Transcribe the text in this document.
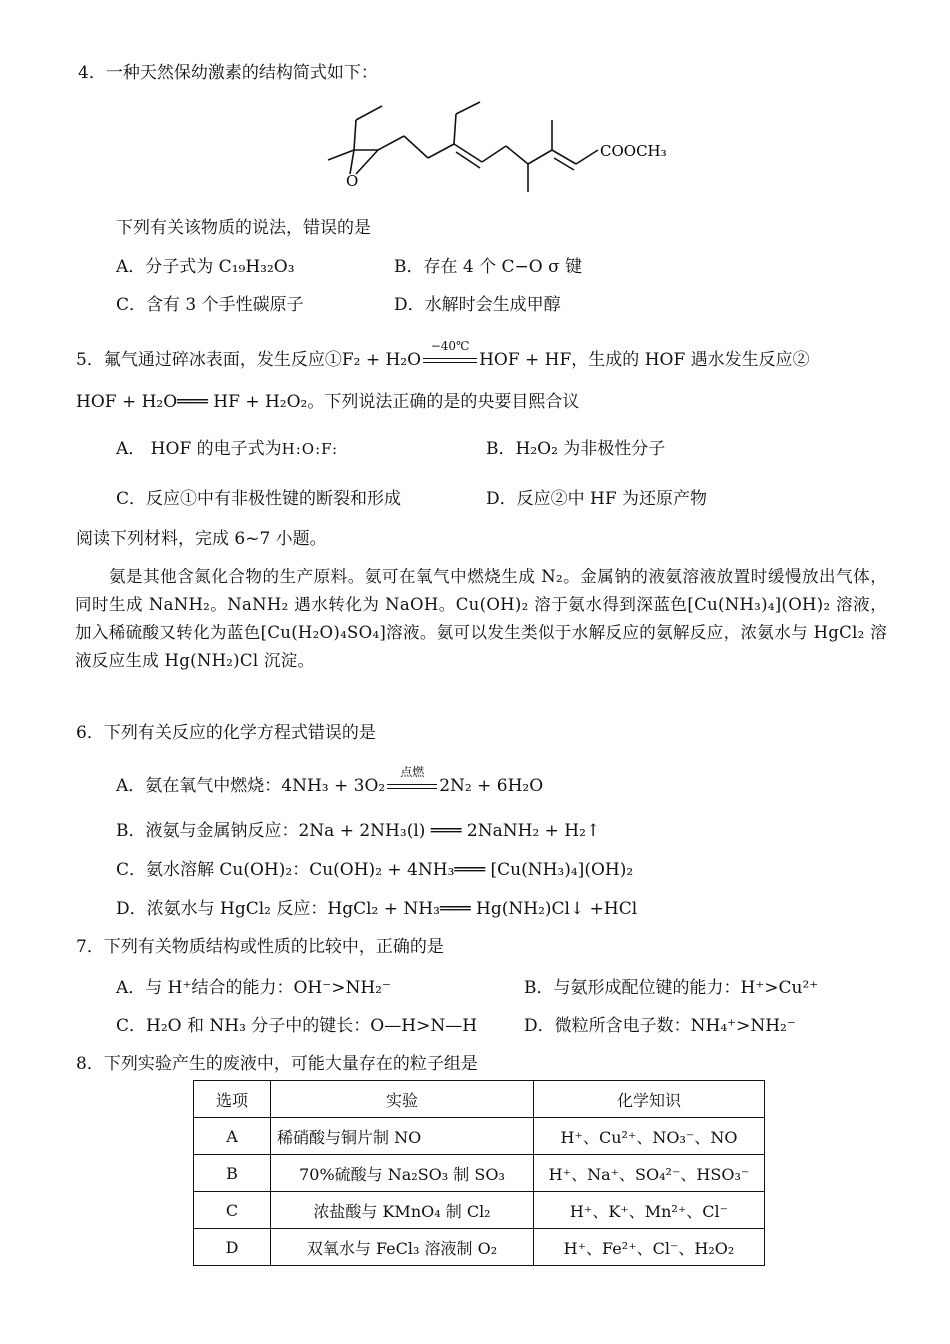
4．一种天然保幼激素的结构简式如下：
O
COOCH₃
下列有关该物质的说法，错误的是
A．分子式为 C₁₉H₃₂O₃	B．存在 4 个 C−O σ 键
C．含有 3 个手性碳原子	D．水解时会生成甲醇
5．氟气通过碎冰表面，发生反应①F₂ + H₂O
−40℃
HOF + HF，生成的 HOF 遇水发生反应②
HOF + H₂O═══ HF + H₂O₂。下列说法正确的是的央要目熙合议
A． HOF 的电子式为H:O:F:	B．H₂O₂ 为非极性分子
C．反应①中有非极性键的断裂和形成	D．反应②中 HF 为还原产物
阅读下列材料，完成 6~7 小题。
氨是其他含氮化合物的生产原料。氨可在氧气中燃烧生成 N₂。金属钠的液氨溶液放置时缓慢放出气体，同时生成 NaNH₂。NaNH₂ 遇水转化为 NaOH。Cu(OH)₂ 溶于氨水得到深蓝色[Cu(NH₃)₄](OH)₂ 溶液，加入稀硫酸又转化为蓝色[Cu(H₂O)₄SO₄]溶液。氨可以发生类似于水解反应的氨解反应，浓氨水与 HgCl₂ 溶液反应生成 Hg(NH₂)Cl 沉淀。
6．下列有关反应的化学方程式错误的是
A．氨在氧气中燃烧：4NH₃ + 3O₂
点燃
2N₂ + 6H₂O
B．液氨与金属钠反应：2Na + 2NH₃(l) ═══ 2NaNH₂ + H₂↑
C．氨水溶解 Cu(OH)₂：Cu(OH)₂ + 4NH₃═══ [Cu(NH₃)₄](OH)₂
D．浓氨水与 HgCl₂ 反应：HgCl₂ + NH₃═══ Hg(NH₂)Cl↓ +HCl
7．下列有关物质结构或性质的比较中，正确的是
A．与 H⁺结合的能力：OH⁻>NH₂⁻	B．与氨形成配位键的能力：H⁺>Cu²⁺
C．H₂O 和 NH₃ 分子中的键长：O—H>N—H	D．微粒所含电子数：NH₄⁺>NH₂⁻
8．下列实验产生的废液中，可能大量存在的粒子组是
选项	实验	化学知识
A	稀硝酸与铜片制 NO	H⁺、Cu²⁺、NO₃⁻、NO
B	70%硫酸与 Na₂SO₃ 制 SO₃	H⁺、Na⁺、SO₄²⁻、HSO₃⁻
C	浓盐酸与 KMnO₄ 制 Cl₂	H⁺、K⁺、Mn²⁺、Cl⁻
D	双氧水与 FeCl₃ 溶液制 O₂	H⁺、Fe²⁺、Cl⁻、H₂O₂
